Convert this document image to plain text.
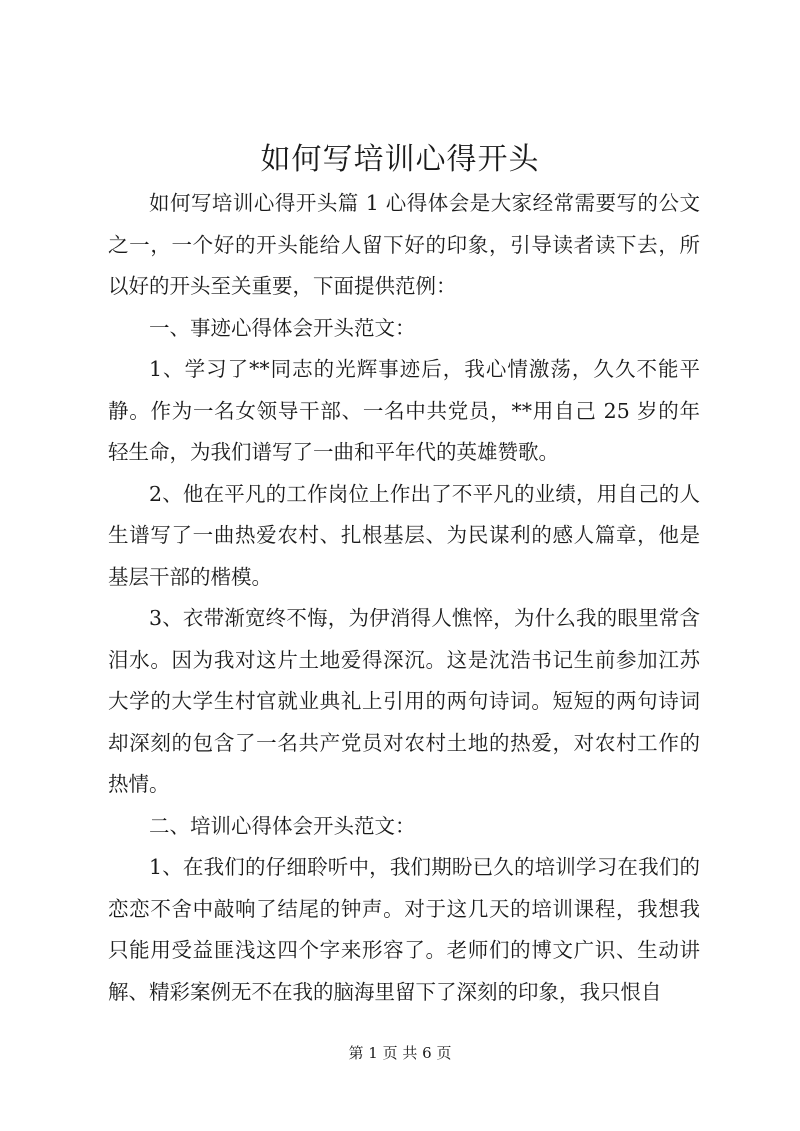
如何写培训心得开头

如何写培训心得开头篇 1 心得体会是大家经常需要写的公文之一，一个好的开头能给人留下好的印象，引导读者读下去，所以好的开头至关重要，下面提供范例：

一、事迹心得体会开头范文：

1、学习了**同志的光辉事迹后，我心情激荡，久久不能平静。作为一名女领导干部、一名中共党员，**用自己 25 岁的年轻生命，为我们谱写了一曲和平年代的英雄赞歌。

2、他在平凡的工作岗位上作出了不平凡的业绩，用自己的人生谱写了一曲热爱农村、扎根基层、为民谋利的感人篇章，他是基层干部的楷模。

3、衣带渐宽终不悔，为伊消得人憔悴，为什么我的眼里常含泪水。因为我对这片土地爱得深沉。这是沈浩书记生前参加江苏大学的大学生村官就业典礼上引用的两句诗词。短短的两句诗词却深刻的包含了一名共产党员对农村土地的热爱，对农村工作的热情。

二、培训心得体会开头范文：

1、在我们的仔细聆听中，我们期盼已久的培训学习在我们的恋恋不舍中敲响了结尾的钟声。对于这几天的培训课程，我想我只能用受益匪浅这四个字来形容了。老师们的博文广识、生动讲解、精彩案例无不在我的脑海里留下了深刻的印象，我只恨自

第 1 页 共 6 页
